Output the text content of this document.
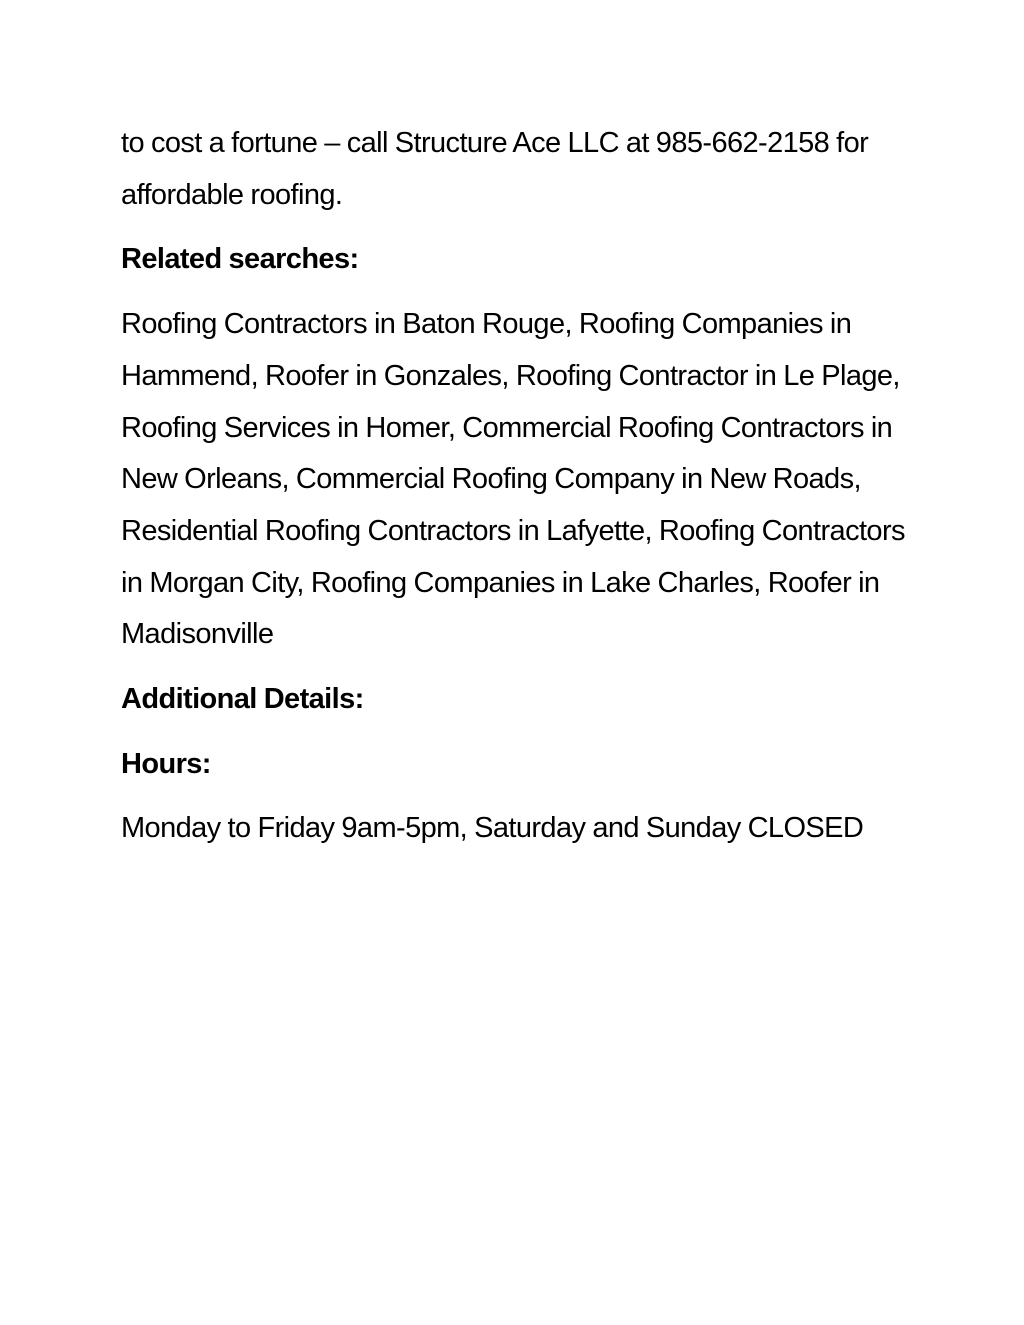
to cost a fortune – call Structure Ace LLC at 985-662-2158 for affordable roofing.

Related searches:

Roofing Contractors in Baton Rouge, Roofing Companies in Hammend, Roofer in Gonzales, Roofing Contractor in Le Plage, Roofing Services in Homer, Commercial Roofing Contractors in New Orleans, Commercial Roofing Company in New Roads, Residential Roofing Contractors in Lafyette, Roofing Contractors in Morgan City, Roofing Companies in Lake Charles, Roofer in Madisonville

Additional Details:

Hours:

Monday to Friday 9am-5pm, Saturday and Sunday CLOSED
